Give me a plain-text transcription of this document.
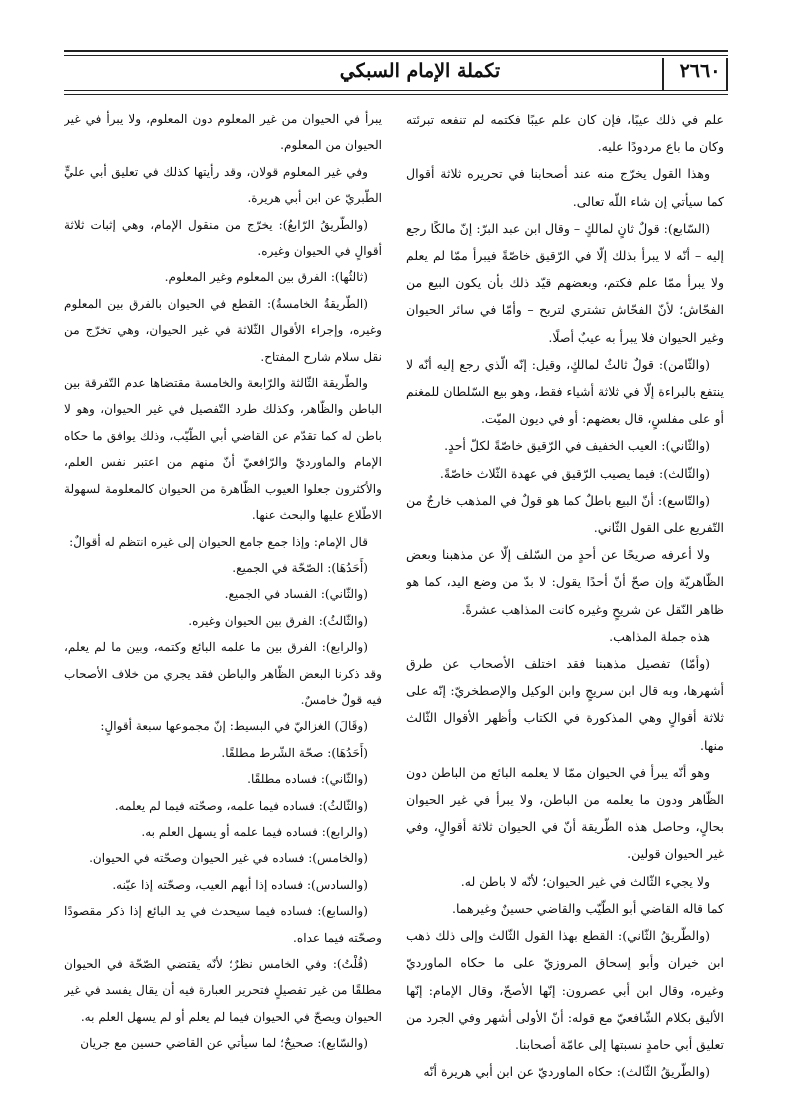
تكملة الإمام السبكي	٢٦٦٠

علم في ذلك عيبًا، فإن كان علم عيبًا فكتمه لم تنفعه تبرئته وكان ما باع مردودًا عليه.

وهذا القول يخرّج منه عند أصحابنا في تحريره ثلاثة أقوال كما سيأتي إن شاء اللّه تعالى.

(السّابع): قولٌ ثانٍ لمالكٍ – وقال ابن عبد البرّ: إنّ مالكًا رجع إليه – أنّه لا يبرأ بذلك إلّا في الرّقيق خاصّةً فيبرأ ممّا لم يعلم ولا يبرأ ممّا علم فكتم، وبعضهم قيّد ذلك بأن يكون البيع من الفحّاش؛ لأنّ الفحّاش تشتري لتربح – وأمّا في سائر الحيوان وغير الحيوان فلا يبرأ به عيبٌ أصلًا.

(والثّامن): قولٌ ثالثٌ لمالكٍ، وقيل: إنّه الّذي رجع إليه أنّه لا ينتفع بالبراءة إلّا في ثلاثة أشياء فقط، وهو بيع السّلطان للمغنم أو على مفلسٍ، قال بعضهم: أو في ديون الميّت.

(والثّاني): العيب الخفيف في الرّقيق خاصّةً لكلّ أحدٍ.

(والثّالث): فيما يصيب الرّقيق في عهدة الثّلاث خاصّةً.

(والتّاسع): أنّ البيع باطلٌ كما هو قولٌ في المذهب خارجٌ من التّفريع على القول الثّاني.

ولا أعرفه صريحًا عن أحدٍ من السّلف إلّا عن مذهبنا وبعض الظّاهريّة وإن صحّ أنّ أحدًا يقول: لا بدّ من وضع اليد، كما هو ظاهر النّقل عن شريحٍ وغيره كانت المذاهب عشرةً.

هذه جملة المذاهب.

(وأمّا) تفصيل مذهبنا فقد اختلف الأصحاب عن طرق أشهرها، وبه قال ابن سريجٍ وابن الوكيل والإصطخريّ: إنّه على ثلاثة أقوالٍ وهي المذكورة في الكتاب وأظهر الأقوال الثّالث منها.

وهو أنّه يبرأ في الحيوان ممّا لا يعلمه البائع من الباطن دون الظّاهر ودون ما يعلمه من الباطن، ولا يبرأ في غير الحيوان بحالٍ، وحاصل هذه الطّريقة أنّ في الحيوان ثلاثة أقوالٍ، وفي غير الحيوان قولين.

ولا يجيء الثّالث في غير الحيوان؛ لأنّه لا باطن له.

كما قاله القاضي أبو الطّيّب والقاضي حسينٌ وغيرهما.

(والطّريقُ الثّاني): القطع بهذا القول الثّالث وإلى ذلك ذهب ابن خيران وأبو إسحاق المروزيّ على ما حكاه الماورديّ وغيره، وقال ابن أبي عصرون: إنّها الأصحّ، وقال الإمام: إنّها الأليق بكلام الشّافعيّ مع قوله: أنّ الأولى أشهر وفي الجرد من تعليق أبي حامدٍ نسبتها إلى عامّة أصحابنا.

(والطّريقُ الثّالث): حكاه الماورديّ عن ابن أبي هريرة أنّه

يبرأ في الحيوان من غير المعلوم دون المعلوم، ولا يبرأ في غير الحيوان من المعلوم.

وفي غير المعلوم قولان، وقد رأيتها كذلك في تعليق أبي عليٍّ الطّبريّ عن ابن أبي هريرة.

(والطّريقُ الرّابعُ): يخرّج من منقول الإمام، وهي إثبات ثلاثة أقوالٍ في الحيوان وغيره.

(ثالثُها): الفرق بين المعلوم وغير المعلوم.

(الطّريقةُ الخامسةُ): القطع في الحيوان بالفرق بين المعلوم وغيره، وإجراء الأقوال الثّلاثة في غير الحيوان، وهي تخرّج من نقل سلام شارح المفتاح.

والطّريقة الثّالثة والرّابعة والخامسة مقتضاها عدم التّفرقة بين الباطن والظّاهر، وكذلك طرد التّفصيل في غير الحيوان، وهو لا باطن له كما تقدّم عن القاضي أبي الطّيّب، وذلك يوافق ما حكاه الإمام والماورديّ والرّافعيّ أنّ منهم من اعتبر نفس العلم، والأكثرون جعلوا العيوب الظّاهرة من الحيوان كالمعلومة لسهولة الاطّلاع عليها والبحث عنها.

قال الإمام: وإذا جمع جامع الحيوان إلى غيره انتظم له أقوالٌ:

(أَحَدُهَا): الصّحّة في الجميع.

(والثّاني): الفساد في الجميع.

(والثّالثُ): الفرق بين الحيوان وغيره.

(والرابع): الفرق بين ما علمه البائع وكتمه، وبين ما لم يعلم، وقد ذكرنا البعض الظّاهر والباطن فقد يجري من خلاف الأصحاب فيه قولٌ خامسٌ.

(وقَالَ) الغزاليّ في البسيط: إنّ مجموعها سبعة أقوالٍ:

(أَحَدُهَا): صحّة الشّرط مطلقًا.

(والثّاني): فساده مطلقًا.

(والثّالثُ): فساده فيما علمه، وصحّته فيما لم يعلمه.

(والرابع): فساده فيما علمه أو يسهل العلم به.

(والخامس): فساده في غير الحيوان وصحّته في الحيوان.

(والسادس): فساده إذا أبهم العيب، وصحّته إذا عيّنه.

(والسابع): فساده فيما سيحدث في يد البائع إذا ذكر مقصودًا وصحّته فيما عداه.

(قُلْتُ): وفي الخامس نظرٌ؛ لأنّه يقتضي الصّحّة في الحيوان مطلقًا من غير تفصيلٍ فتحرير العبارة فيه أن يقال يفسد في غير الحيوان ويصحّ في الحيوان فيما لم يعلم أو لم يسهل العلم به.

(والسّابع): صحيحٌ؛ لما سيأتي عن القاضي حسين مع جريان
